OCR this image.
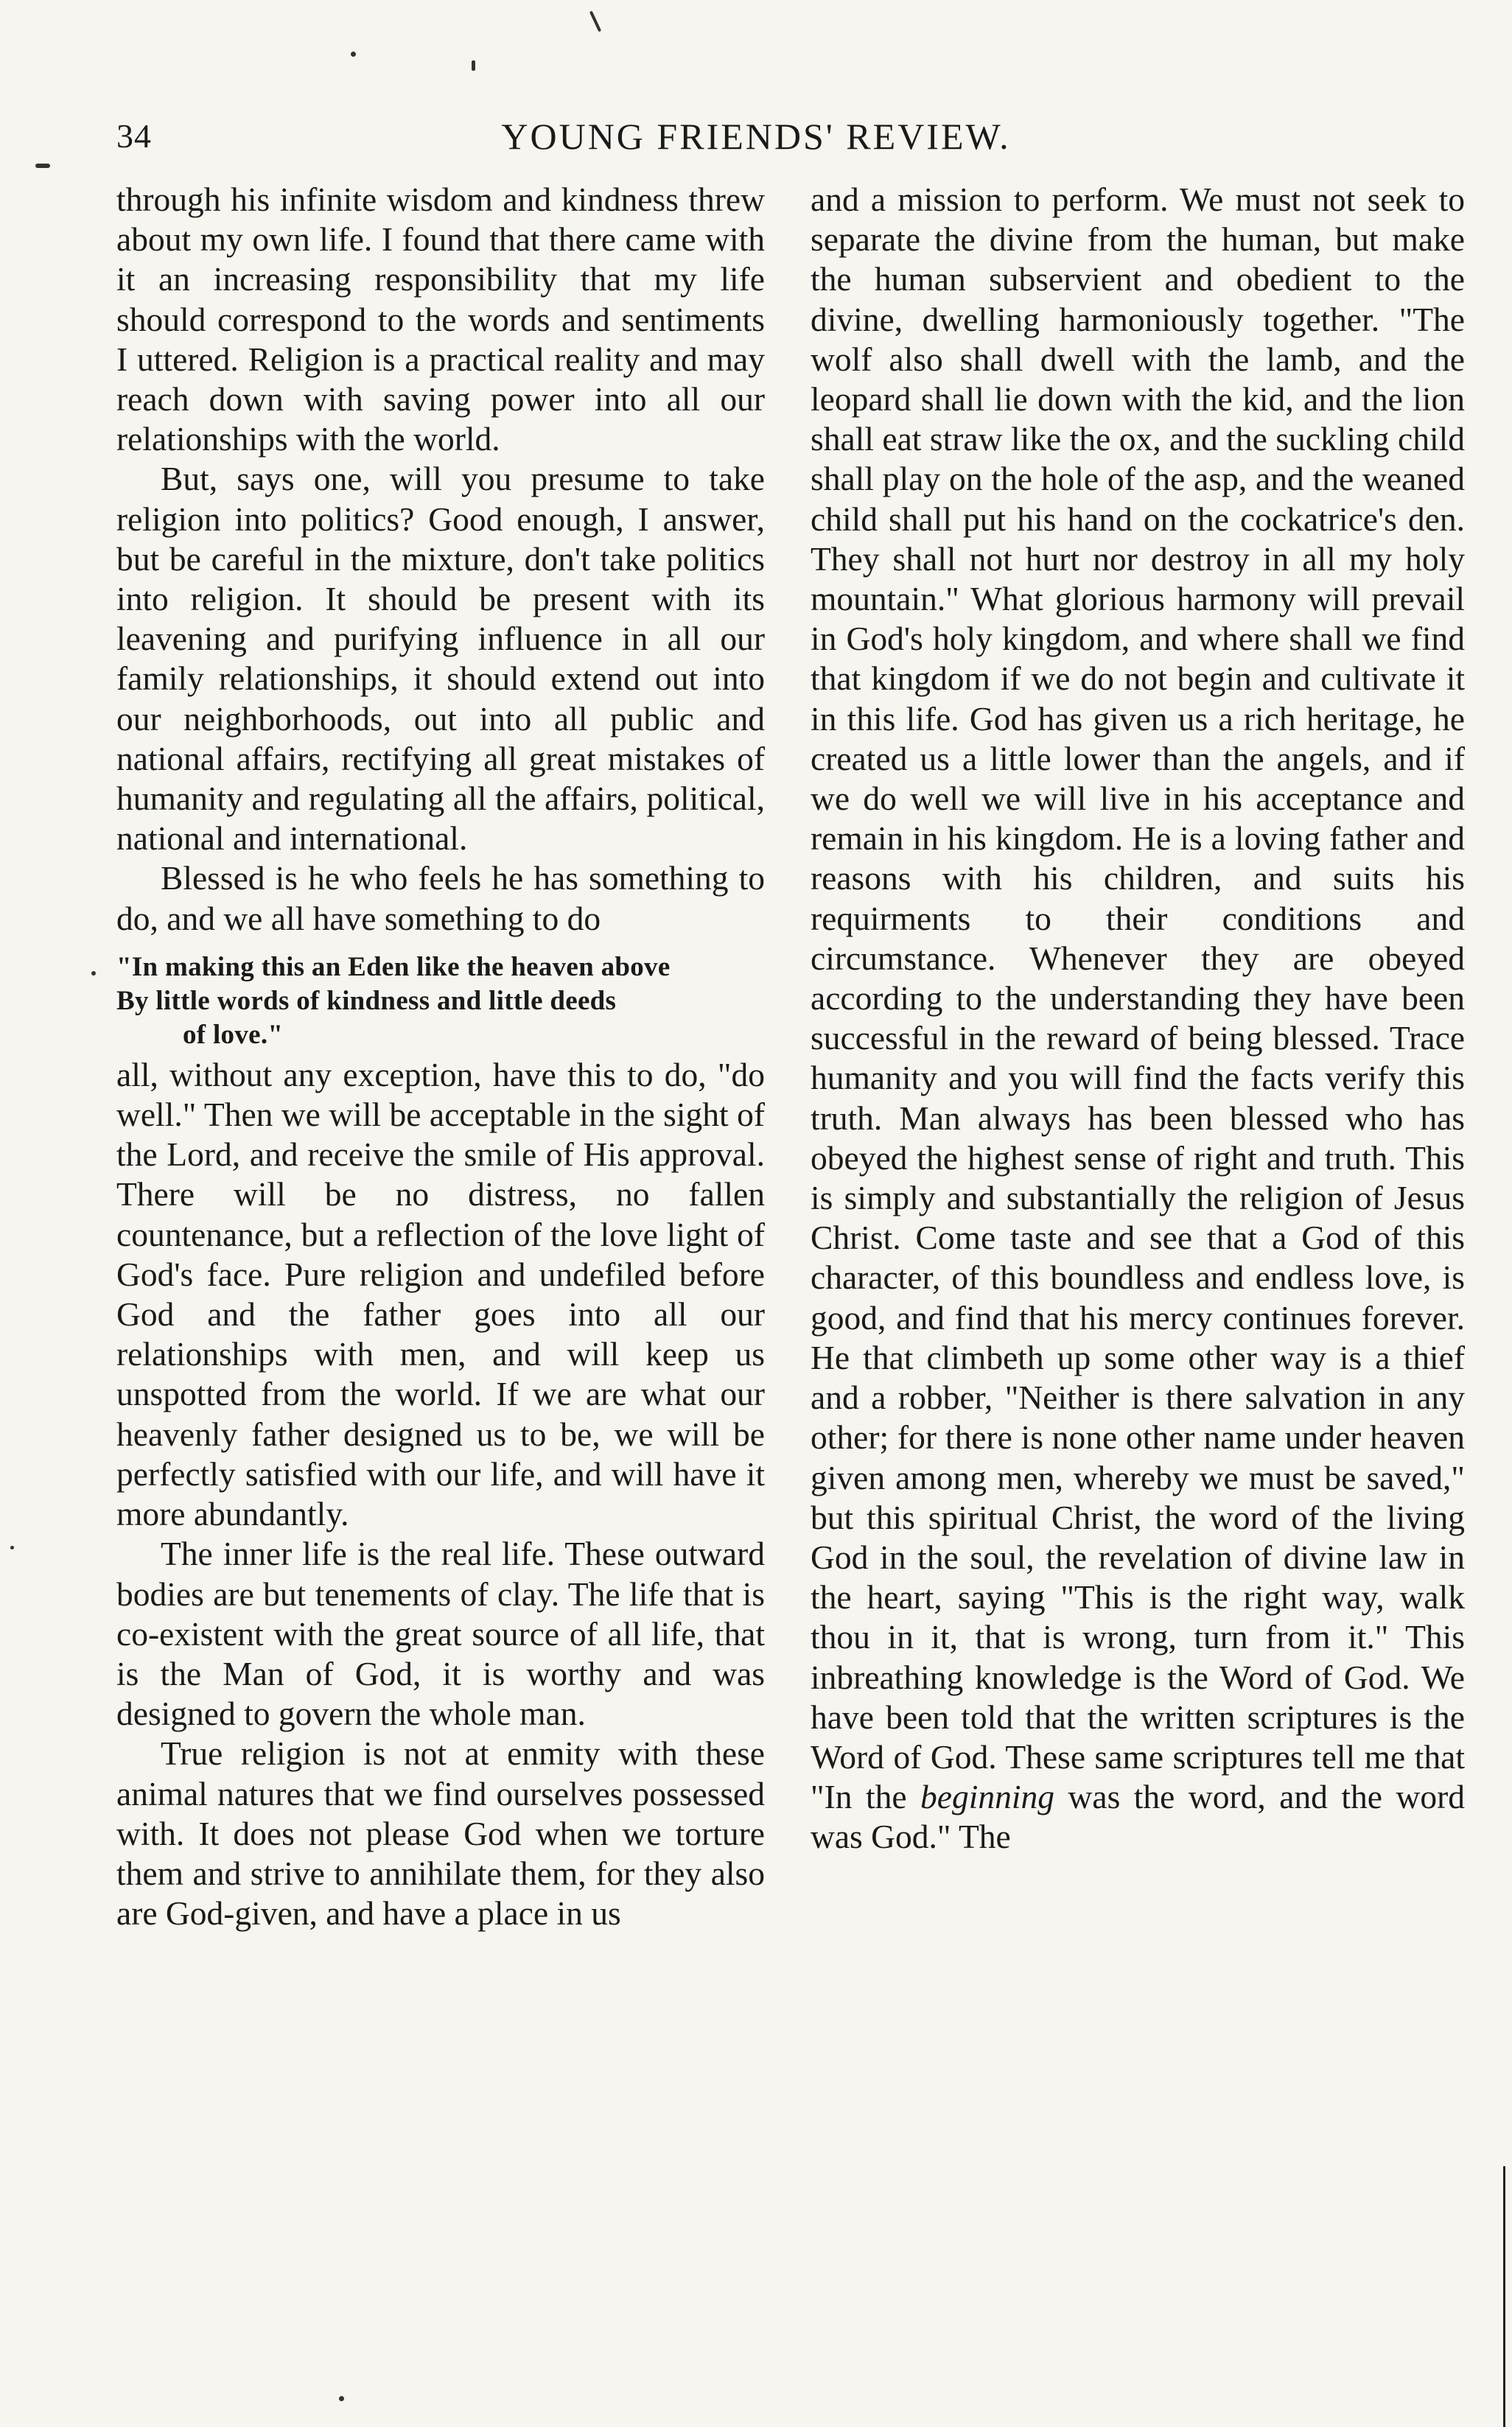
34	YOUNG FRIENDS' REVIEW.

through his infinite wisdom and kindness threw about my own life. I found that there came with it an increasing responsibility that my life should correspond to the words and sentiments I uttered. Religion is a practical reality and may reach down with saving power into all our relationships with the world.

But, says one, will you presume to take religion into politics? Good enough, I answer, but be careful in the mixture, don't take politics into religion. It should be present with its leavening and purifying influence in all our family relationships, it should extend out into our neighborhoods, out into all public and national affairs, rectifying all great mistakes of humanity and regulating all the affairs, political, national and international.

Blessed is he who feels he has something to do, and we all have something to do

"In making this an Eden like the heaven above
By little words of kindness and little deeds
of love."

all, without any exception, have this to do, "do well." Then we will be acceptable in the sight of the Lord, and receive the smile of His approval. There will be no distress, no fallen countenance, but a reflection of the love light of God's face. Pure religion and undefiled before God and the father goes into all our relationships with men, and will keep us unspotted from the world. If we are what our heavenly father designed us to be, we will be perfectly satisfied with our life, and will have it more abundantly.

The inner life is the real life. These outward bodies are but tenements of clay. The life that is co-existent with the great source of all life, that is the Man of God, it is worthy and was designed to govern the whole man.

True religion is not at enmity with these animal natures that we find ourselves possessed with. It does not please God when we torture them and strive to annihilate them, for they also are God-given, and have a place in us

and a mission to perform. We must not seek to separate the divine from the human, but make the human subservient and obedient to the divine, dwelling harmoniously together. "The wolf also shall dwell with the lamb, and the leopard shall lie down with the kid, and the lion shall eat straw like the ox, and the suckling child shall play on the hole of the asp, and the weaned child shall put his hand on the cockatrice's den. They shall not hurt nor destroy in all my holy mountain." What glorious harmony will prevail in God's holy kingdom, and where shall we find that kingdom if we do not begin and cultivate it in this life. God has given us a rich heritage, he created us a little lower than the angels, and if we do well we will live in his acceptance and remain in his kingdom. He is a loving father and reasons with his children, and suits his requirments to their conditions and circumstance. Whenever they are obeyed according to the understanding they have been successful in the reward of being blessed. Trace humanity and you will find the facts verify this truth. Man always has been blessed who has obeyed the highest sense of right and truth. This is simply and substantially the religion of Jesus Christ. Come taste and see that a God of this character, of this boundless and endless love, is good, and find that his mercy continues forever. He that climbeth up some other way is a thief and a robber, "Neither is there salvation in any other; for there is none other name under heaven given among men, whereby we must be saved," but this spiritual Christ, the word of the living God in the soul, the revelation of divine law in the heart, saying "This is the right way, walk thou in it, that is wrong, turn from it." This inbreathing knowledge is the Word of God. We have been told that the written scriptures is the Word of God. These same scriptures tell me that "In the beginning was the word, and the word was God." The
